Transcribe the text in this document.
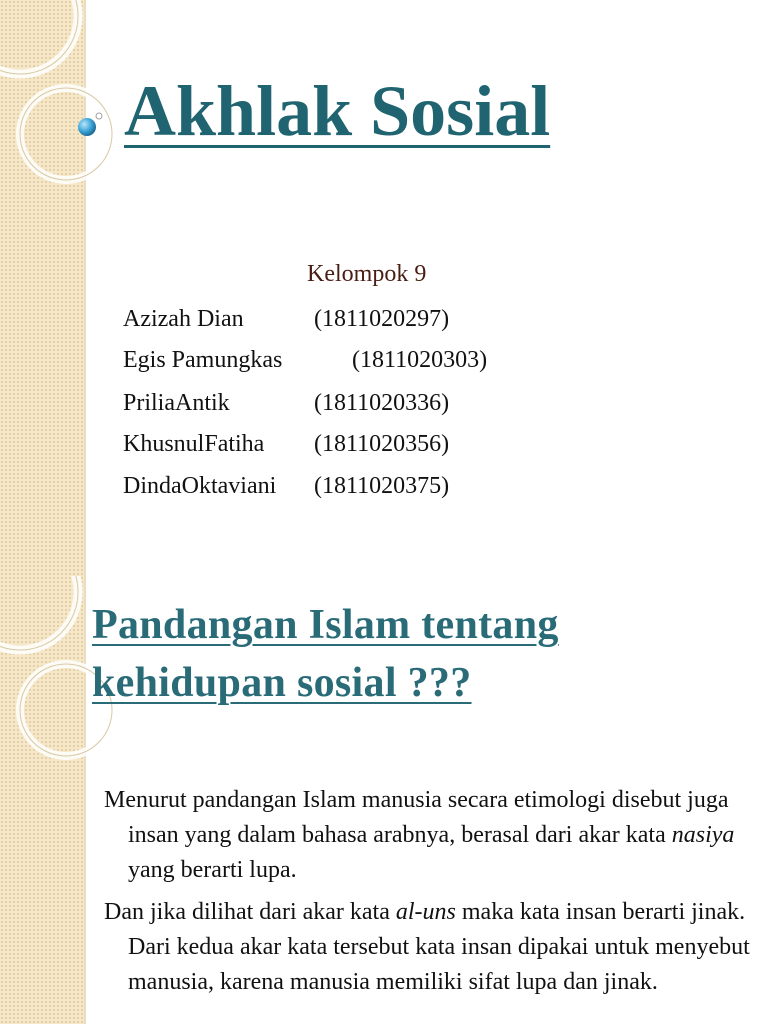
Akhlak Sosial
Kelompok 9
Azizah Dian	(1811020297)
Egis Pamungkas	(1811020303)
PriliaAntik	(1811020336)
KhusnulFatiha (1811020356)
DindaOktaviani (1811020375)
Pandangan Islam tentang
kehidupan sosial ???

Menurut pandangan Islam manusia secara etimologi disebut juga insan yang dalam bahasa arabnya, berasal dari akar kata nasiya yang berarti lupa.

Dan jika dilihat dari akar kata al-uns maka kata insan berarti jinak. Dari kedua akar kata tersebut kata insan dipakai untuk menyebut manusia, karena manusia memiliki sifat lupa dan jinak.
